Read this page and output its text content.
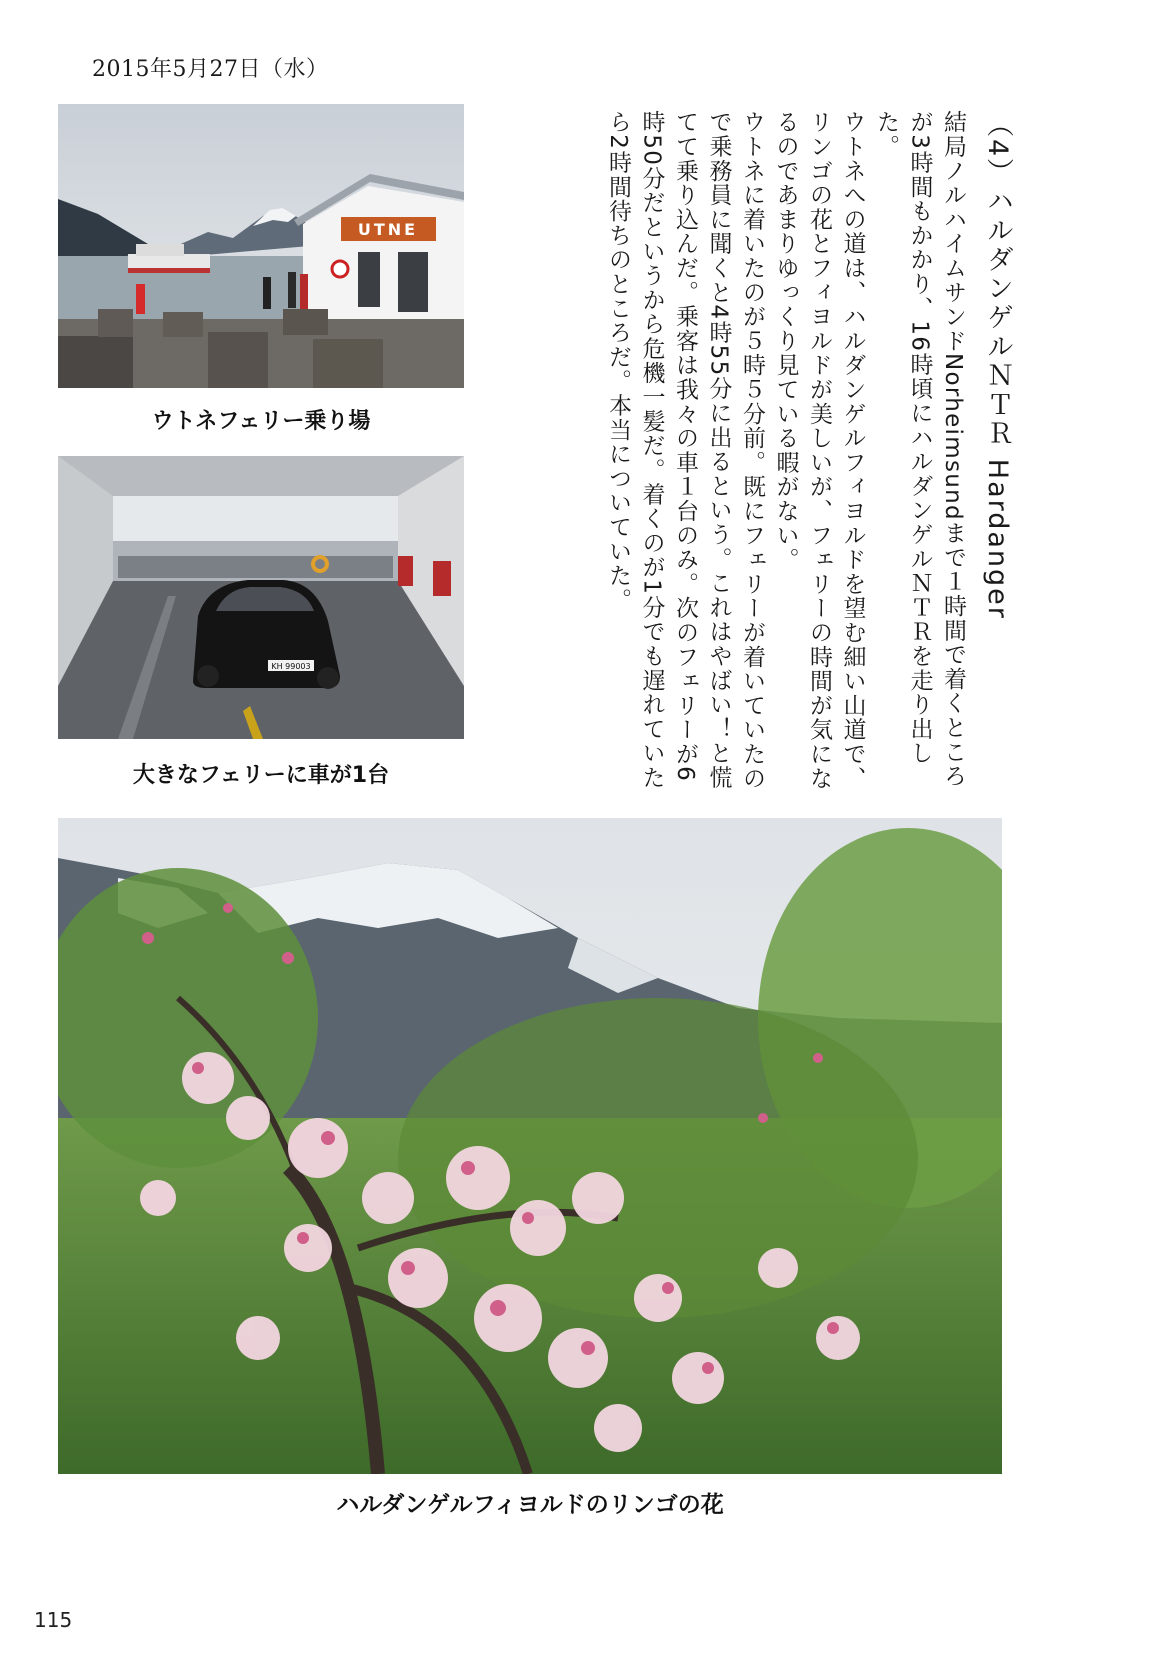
2015年5月27日（水）
UTNE
ウトネフェリー乗り場
KH 99003
大きなフェリーに車が1台
（4）ハルダンゲルＮＴＲ Hardanger

結局ノルハイムサンドNorheimsundまで１時間で着くところが3時間もかかり、16時頃にハルダンゲルＮＴＲを走り出した。

ウトネへの道は、ハルダンゲルフィヨルドを望む細い山道で、リンゴの花とフィヨルドが美しいが、フェリーの時間が気になるのであまりゆっくり見ている暇がない。

ウトネに着いたのが５時５分前。既にフェリーが着いていたので乗務員に聞くと4時55分に出るという。これはやばい！と慌てて乗り込んだ。乗客は我々の車１台のみ。次のフェリーが6時50分だというから危機一髪だ。着くのが1分でも遅れていたら2時間待ちのところだ。本当についていた。

ハルダンゲルフィヨルドのリンゴの花
115
